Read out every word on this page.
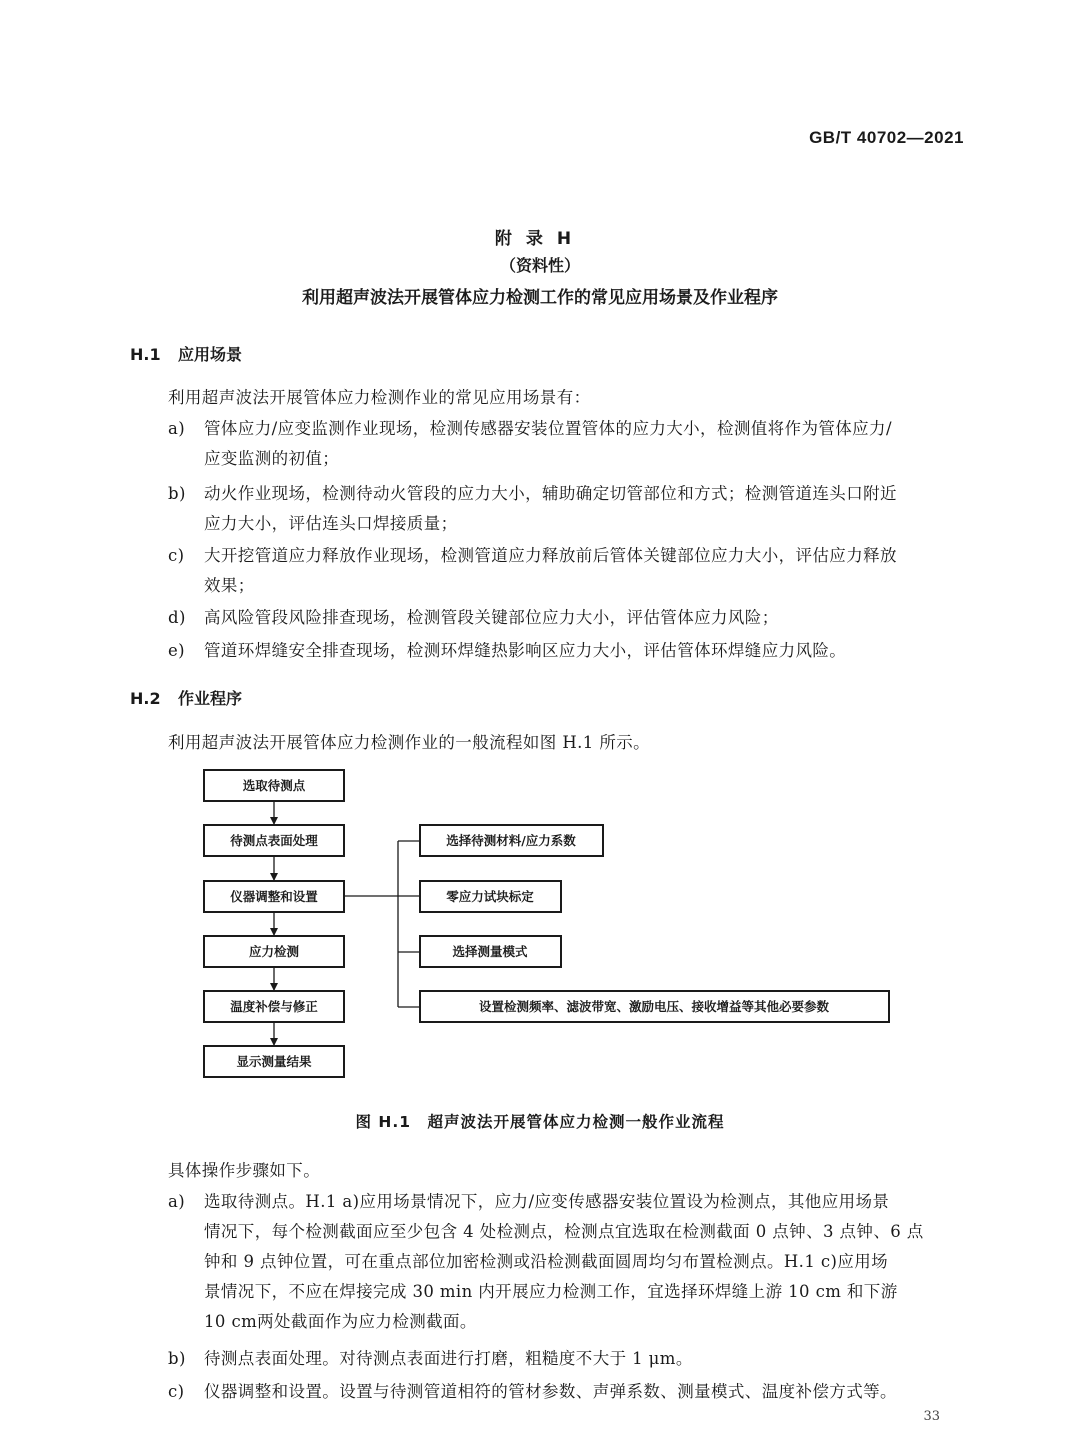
GB/T 40702—2021
附录H
（资料性）
利用超声波法开展管体应力检测工作的常见应用场景及作业程序
H.1 应用场景
利用超声波法开展管体应力检测作业的常见应用场景有：
a) 管体应力/应变监测作业现场，检测传感器安装位置管体的应力大小，检测值将作为管体应力/
应变监测的初值；
b) 动火作业现场，检测待动火管段的应力大小，辅助确定切管部位和方式；检测管道连头口附近
应力大小，评估连头口焊接质量；
c) 大开挖管道应力释放作业现场，检测管道应力释放前后管体关键部位应力大小，评估应力释放
效果；
d) 高风险管段风险排查现场，检测管段关键部位应力大小，评估管体应力风险；
e) 管道环焊缝安全排查现场，检测环焊缝热影响区应力大小，评估管体环焊缝应力风险。
H.2 作业程序
利用超声波法开展管体应力检测作业的一般流程如图 H.1 所示。
选取待测点
待测点表面处理
仪器调整和设置
应力检测
温度补偿与修正
显示测量结果
选择待测材料/应力系数
零应力试块标定
选择测量模式
设置检测频率、滤波带宽、激励电压、接收增益等其他必要参数
图 H.1　超声波法开展管体应力检测一般作业流程
具体操作步骤如下。
a) 选取待测点。H.1 a)应用场景情况下，应力/应变传感器安装位置设为检测点，其他应用场景
情况下，每个检测截面应至少包含 4 处检测点，检测点宜选取在检测截面 0 点钟、3 点钟、6 点
钟和 9 点钟位置，可在重点部位加密检测或沿检测截面圆周均匀布置检测点。H.1 c)应用场
景情况下，不应在焊接完成 30 min 内开展应力检测工作，宜选择环焊缝上游 10 cm 和下游
10 cm两处截面作为应力检测截面。
b) 待测点表面处理。对待测点表面进行打磨，粗糙度不大于 1 μm。
c) 仪器调整和设置。设置与待测管道相符的管材参数、声弹系数、测量模式、温度补偿方式等。
33
